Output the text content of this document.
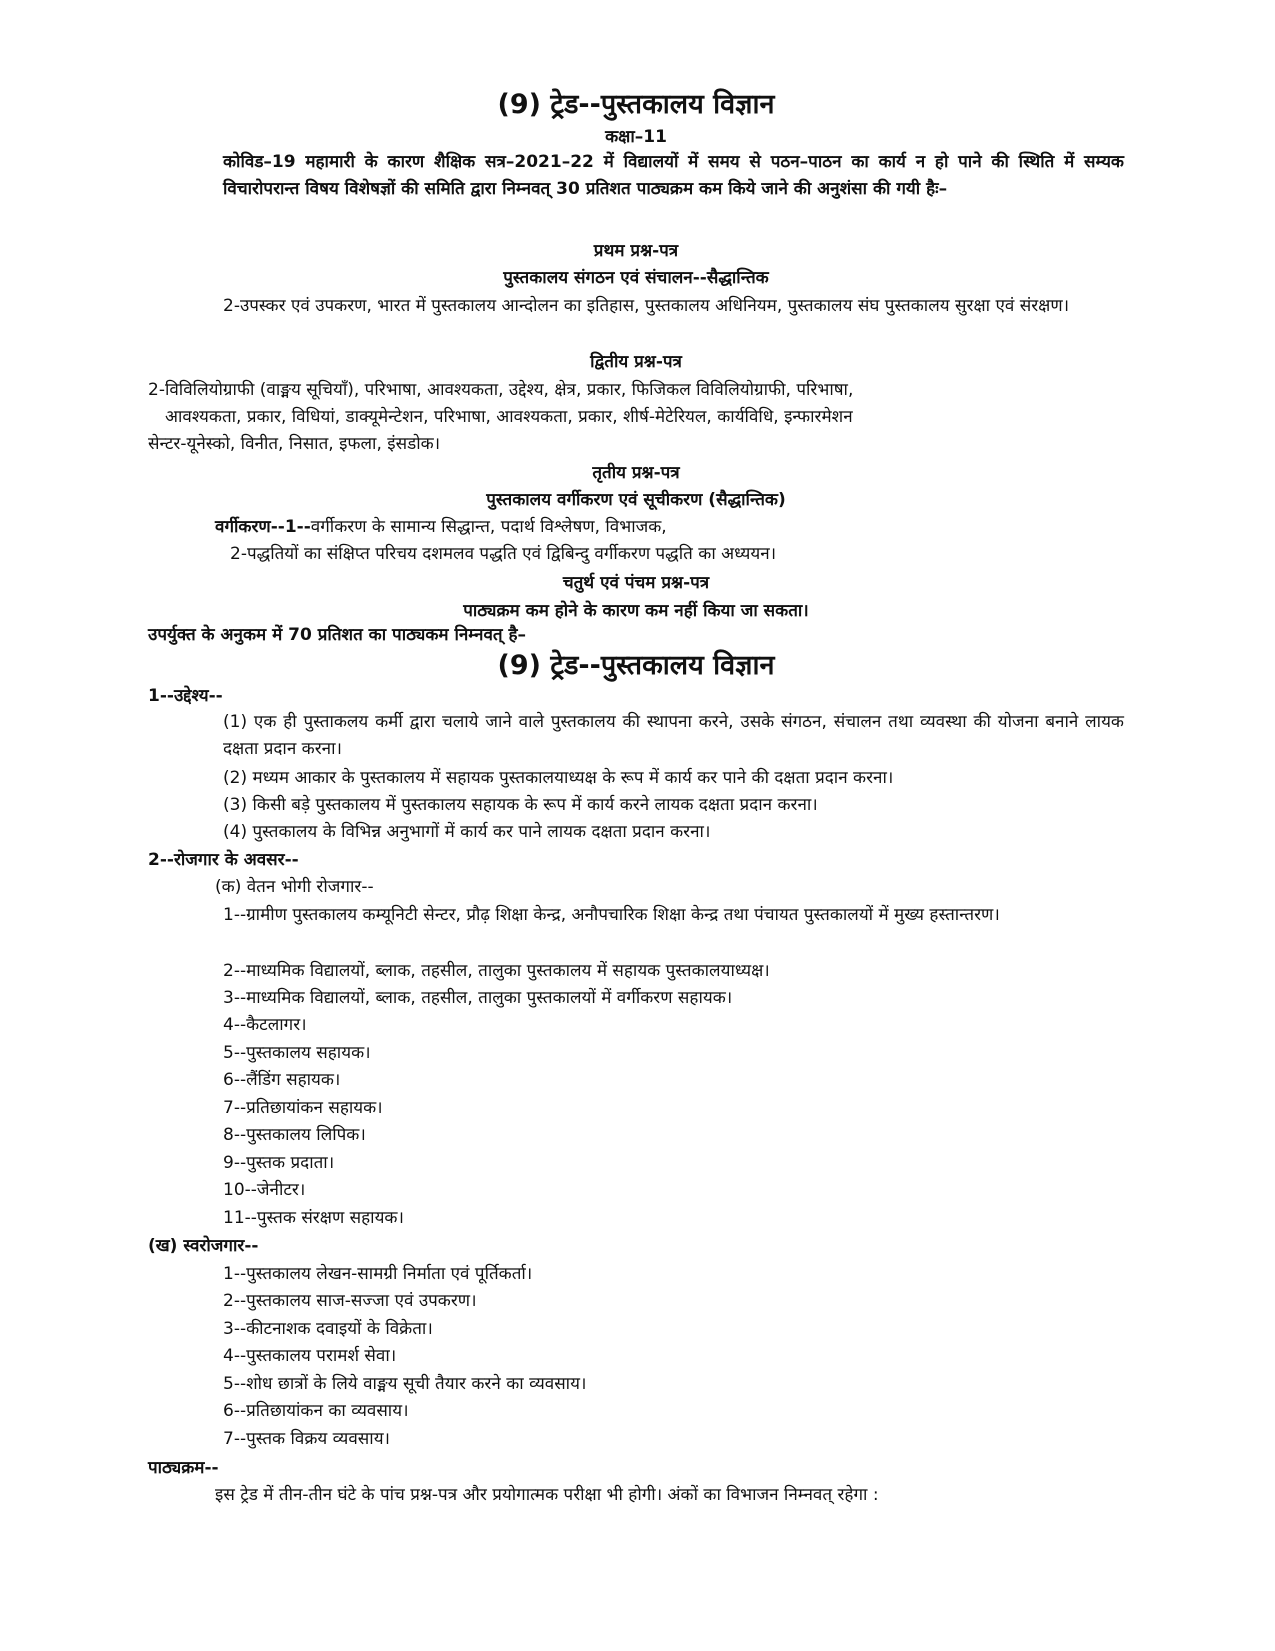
(9) ट्रेड--पुस्तकालय विज्ञान
कक्षा–11
कोविड–19 महामारी के कारण शैक्षिक सत्र–2021–22 में विद्यालयों में समय से पठन–पाठन का कार्य न हो पाने की स्थिति में सम्यक विचारोपरान्त विषय विशेषज्ञों की समिति द्वारा निम्नवत् 30 प्रतिशत पाठ्यक्रम कम किये जाने की अनुशंसा की गयी हैः–
प्रथम प्रश्न-पत्र
पुस्तकालय संगठन एवं संचालन--सैद्धान्तिक
2-उपस्कर एवं उपकरण, भारत में पुस्तकालय आन्दोलन का इतिहास, पुस्तकालय अधिनियम, पुस्तकालय संघ पुस्तकालय सुरक्षा एवं संरक्षण।
द्वितीय प्रश्न-पत्र
2-विविलियोग्राफी (वाङ्मय सूचियाँ), परिभाषा, आवश्यकता, उद्देश्य, क्षेत्र, प्रकार, फिजिकल विविलियोग्राफी, परिभाषा,
आवश्यकता, प्रकार, विधियां, डाक्यूमेन्टेशन, परिभाषा, आवश्यकता, प्रकार, शीर्ष-मेटेरियल, कार्यविधि, इन्फारमेशन
सेन्टर-यूनेस्को, विनीत, निसात, इफला, इंसडोक।
तृतीय प्रश्न-पत्र
पुस्तकालय वर्गीकरण एवं सूचीकरण (सैद्धान्तिक)
वर्गीकरण--1--वर्गीकरण के सामान्य सिद्धान्त, पदार्थ विश्लेषण, विभाजक,
2-पद्धतियों का संक्षिप्त परिचय दशमलव पद्धति एवं द्विबिन्दु वर्गीकरण पद्धति का अध्ययन।
चतुर्थ एवं पंचम प्रश्न-पत्र
पाठ्यक्रम कम होने के कारण कम नहीं किया जा सकता।
उपर्युक्त के अनुकम में 70 प्रतिशत का पाठ्यकम निम्नवत् है–
(9) ट्रेड--पुस्तकालय विज्ञान
1--उद्देश्य--
(1) एक ही पुस्ताकलय कर्मी द्वारा चलाये जाने वाले पुस्तकालय की स्थापना करने, उसके संगठन, संचालन तथा व्यवस्था की योजना बनाने लायक दक्षता प्रदान करना।
(2) मध्यम आकार के पुस्तकालय में सहायक पुस्तकालयाध्यक्ष के रूप में कार्य कर पाने की दक्षता प्रदान करना।
(3) किसी बड़े पुस्तकालय में पुस्तकालय सहायक के रूप में कार्य करने लायक दक्षता प्रदान करना।
(4) पुस्तकालय के विभिन्न अनुभागों में कार्य कर पाने लायक दक्षता प्रदान करना।
2--रोजगार के अवसर--
(क) वेतन भोगी रोजगार--
1--ग्रामीण पुस्तकालय कम्यूनिटी सेन्टर, प्रौढ़ शिक्षा केन्द्र, अनौपचारिक शिक्षा केन्द्र तथा पंचायत पुस्तकालयों में मुख्य हस्तान्तरण।
2--माध्यमिक विद्यालयों, ब्लाक, तहसील, तालुका पुस्तकालय में सहायक पुस्तकालयाध्यक्ष।
3--माध्यमिक विद्यालयों, ब्लाक, तहसील, तालुका पुस्तकालयों में वर्गीकरण सहायक।
4--कैटलागर।
5--पुस्तकालय सहायक।
6--लैंडिंग सहायक।
7--प्रतिछायांकन सहायक।
8--पुस्तकालय लिपिक।
9--पुस्तक प्रदाता।
10--जेनीटर।
11--पुस्तक संरक्षण सहायक।
(ख) स्वरोजगार--
1--पुस्तकालय लेखन-सामग्री निर्माता एवं पूर्तिकर्ता।
2--पुस्तकालय साज-सज्जा एवं उपकरण।
3--कीटनाशक दवाइयों के विक्रेता।
4--पुस्तकालय परामर्श सेवा।
5--शोध छात्रों के लिये वाङ्मय सूची तैयार करने का व्यवसाय।
6--प्रतिछायांकन का व्यवसाय।
7--पुस्तक विक्रय व्यवसाय।
पाठ्यक्रम--
इस ट्रेड में तीन-तीन घंटे के पांच प्रश्न-पत्र और प्रयोगात्मक परीक्षा भी होगी। अंकों का विभाजन निम्नवत् रहेगा :
